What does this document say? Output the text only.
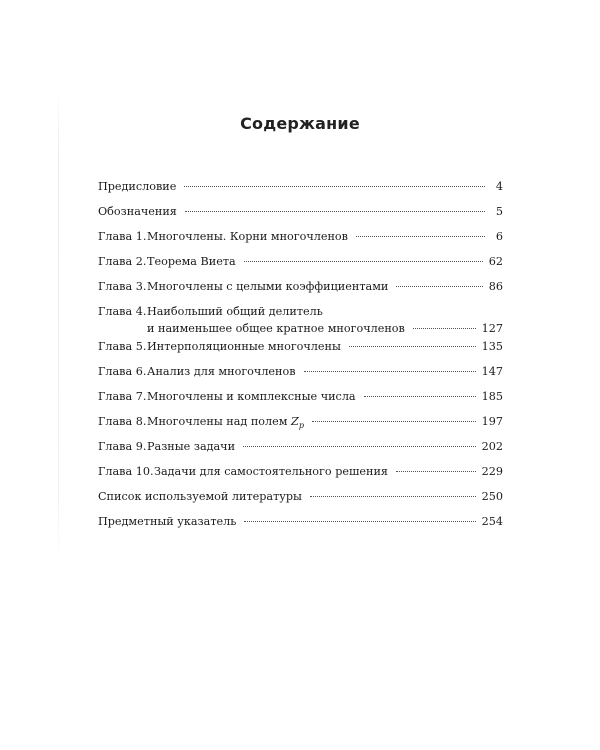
Содержание
Предисловие	4
Обозначения	5
Глава 1. Многочлены. Корни многочленов	6
Глава 2. Теорема Виета	62
Глава 3. Многочлены с целыми коэффициентами	86
Глава 4. Наибольший общий делитель
и наименьшее общее кратное многочленов	127
Глава 5. Интерполяционные многочлены	135
Глава 6. Анализ для многочленов	147
Глава 7. Многочлены и комплексные числа	185
Глава 8. Многочлены над полем $Z_p$	197
Глава 9. Разные задачи	202
Глава 10. Задачи для самостоятельного решения	229
Список используемой литературы	250
Предметный указатель	254
